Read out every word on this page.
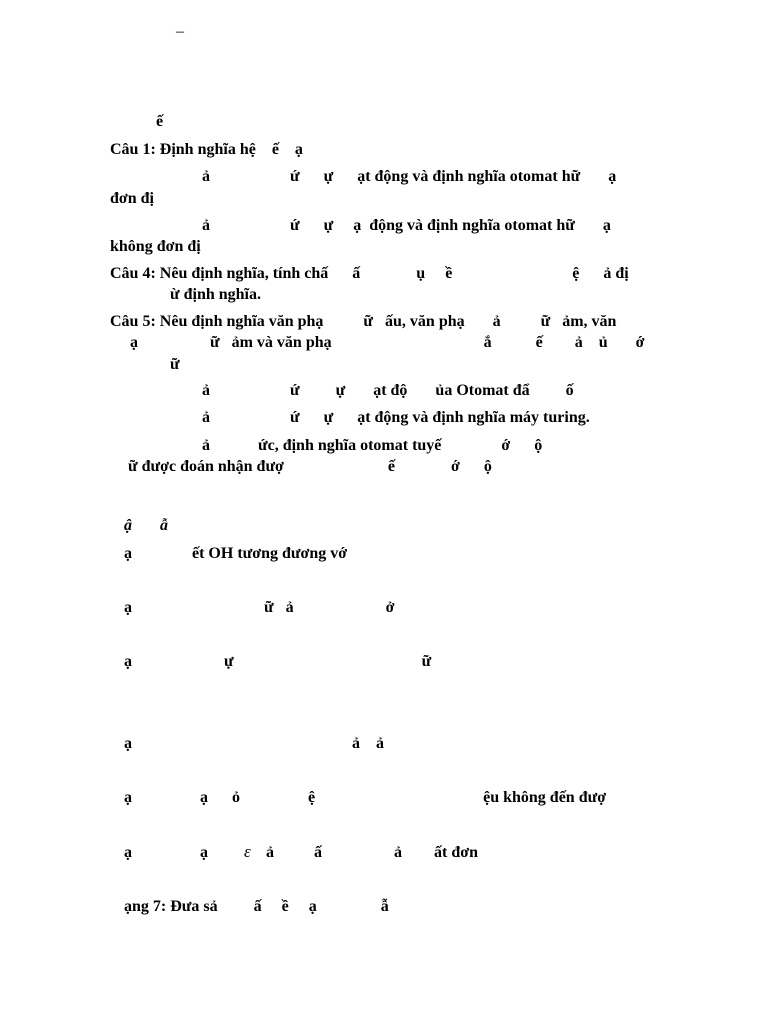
–
ế
Câu 1: Định nghĩa hệ    ế    ạ
ả                    ứ      ự      ạt động và định nghĩa otomat hữ       ạ
đơn đị
ả                    ứ      ự     ạ  động và định nghĩa otomat hữ       ạ
không đơn đị
Câu 4: Nêu định nghĩa, tính chấ      ấ              ụ     ề                              ệ      ả đị
ừ định nghĩa.
Câu 5: Nêu định nghĩa văn phạ          ữ   ấu, văn phạ       ả          ữ   ảm, văn
ạ                  ữ   ảm và văn phạ                                      ắ           ế        ả    ủ       ớ
ữ
ả                    ứ         ự       ạt độ       ủa Otomat đẩ         ố
ả                    ứ      ự      ạt động và định nghĩa máy turing.
ả            ức, định nghĩa otomat tuyế               ớ      ộ
ữ được đoán nhận đượ                          ế              ớ      ộ
ậ       ẫ
ạ               ết OH tương đương vớ
ạ                                 ữ   ả                       ở
ạ                       ự                                               ữ
ạ                                                       ả    ả
ạ                 ạ      ỏ                 ệ                                          ệu không đến đượ
ạ                 ạ ε ả          ấ                  ả        ất đơn
ạng 7: Đưa sả         ấ     ề     ạ                ẫ
